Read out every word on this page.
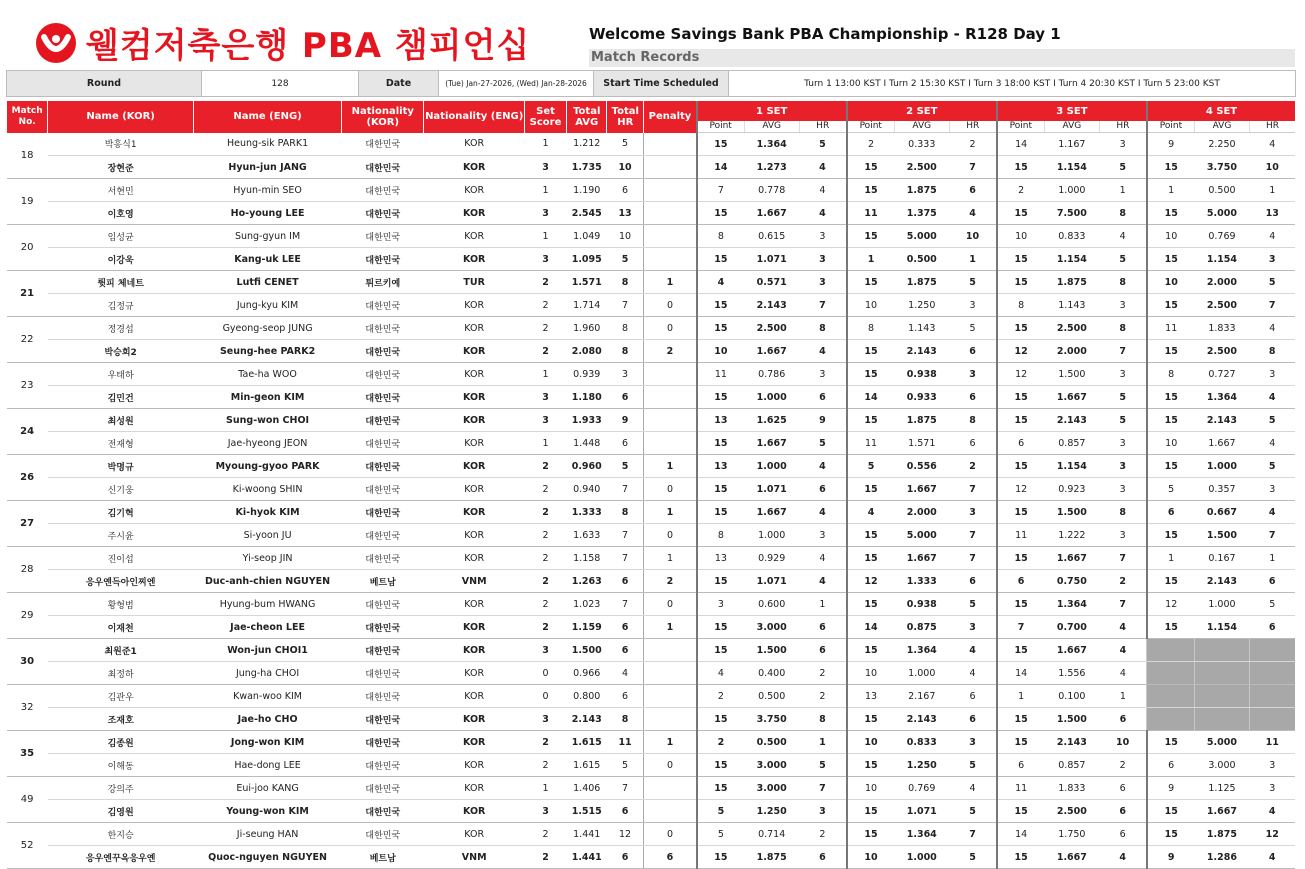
웰컴저축은행 PBA 챔피언십	Welcome Savings Bank PBA Championship - R128 Day 1
Match Records
Round	128	Date	(Tue) Jan-27-2026, (Wed) Jan-28-2026	Start Time Scheduled	Turn 1 13:00 KST I Turn 2 15:30 KST I Turn 3 18:00 KST I Turn 4 20:30 KST I Turn 5 23:00 KST
Match No.	Name (KOR)	Name (ENG)	Nationality (KOR)	Nationality (ENG)	Set Score	Total AVG	Total HR	Penalty	1 SET			2 SET			3 SET			4 SET		
									Point	AVG	HR	Point	AVG	HR	Point	AVG	HR	Point	AVG	HR
18	박흥식1	Heung-sik PARK1	대한민국	KOR	1	1.212	5		15	1.364	5	2	0.333	2	14	1.167	3	9	2.250	4
	장현준	Hyun-jun JANG	대한민국	KOR	3	1.735	10		14	1.273	4	15	2.500	7	15	1.154	5	15	3.750	10
19	서현민	Hyun-min SEO	대한민국	KOR	1	1.190	6		7	0.778	4	15	1.875	6	2	1.000	1	1	0.500	1
	이호영	Ho-young LEE	대한민국	KOR	3	2.545	13		15	1.667	4	11	1.375	4	15	7.500	8	15	5.000	13
20	임성균	Sung-gyun IM	대한민국	KOR	1	1.049	10		8	0.615	3	15	5.000	10	10	0.833	4	10	0.769	4
	이강욱	Kang-uk LEE	대한민국	KOR	3	1.095	5		15	1.071	3	1	0.500	1	15	1.154	5	15	1.154	3
21	륏피 체네트	Lutfi CENET	튀르키예	TUR	2	1.571	8	1	4	0.571	3	15	1.875	5	15	1.875	8	10	2.000	5
	김정규	Jung-kyu KIM	대한민국	KOR	2	1.714	7	0	15	2.143	7	10	1.250	3	8	1.143	3	15	2.500	7
22	정경섭	Gyeong-seop JUNG	대한민국	KOR	2	1.960	8	0	15	2.500	8	8	1.143	5	15	2.500	8	11	1.833	4
	박승희2	Seung-hee PARK2	대한민국	KOR	2	2.080	8	2	10	1.667	4	15	2.143	6	12	2.000	7	15	2.500	8
23	우태하	Tae-ha WOO	대한민국	KOR	1	0.939	3		11	0.786	3	15	0.938	3	12	1.500	3	8	0.727	3
	김민건	Min-geon KIM	대한민국	KOR	3	1.180	6		15	1.000	6	14	0.933	6	15	1.667	5	15	1.364	4
24	최성원	Sung-won CHOI	대한민국	KOR	3	1.933	9		13	1.625	9	15	1.875	8	15	2.143	5	15	2.143	5
	전재형	Jae-hyeong JEON	대한민국	KOR	1	1.448	6		15	1.667	5	11	1.571	6	6	0.857	3	10	1.667	4
26	박명규	Myoung-gyoo PARK	대한민국	KOR	2	0.960	5	1	13	1.000	4	5	0.556	2	15	1.154	3	15	1.000	5
	신기웅	Ki-woong SHIN	대한민국	KOR	2	0.940	7	0	15	1.071	6	15	1.667	7	12	0.923	3	5	0.357	3
27	김기혁	Ki-hyok KIM	대한민국	KOR	2	1.333	8	1	15	1.667	4	4	2.000	3	15	1.500	8	6	0.667	4
	주시윤	Si-yoon JU	대한민국	KOR	2	1.633	7	0	8	1.000	3	15	5.000	7	11	1.222	3	15	1.500	7
28	진이섭	Yi-seop JIN	대한민국	KOR	2	1.158	7	1	13	0.929	4	15	1.667	7	15	1.667	7	1	0.167	1
	응우옌득아인찌엔	Duc-anh-chien NGUYEN	베트남	VNM	2	1.263	6	2	15	1.071	4	12	1.333	6	6	0.750	2	15	2.143	6
29	황형범	Hyung-bum HWANG	대한민국	KOR	2	1.023	7	0	3	0.600	1	15	0.938	5	15	1.364	7	12	1.000	5
	이재천	Jae-cheon LEE	대한민국	KOR	2	1.159	6	1	15	3.000	6	14	0.875	3	7	0.700	4	15	1.154	6
30	최원준1	Won-jun CHOI1	대한민국	KOR	3	1.500	6		15	1.500	6	15	1.364	4	15	1.667	4			
	최정하	Jung-ha CHOI	대한민국	KOR	0	0.966	4		4	0.400	2	10	1.000	4	14	1.556	4			
32	김관우	Kwan-woo KIM	대한민국	KOR	0	0.800	6		2	0.500	2	13	2.167	6	1	0.100	1			
	조재호	Jae-ho CHO	대한민국	KOR	3	2.143	8		15	3.750	8	15	2.143	6	15	1.500	6			
35	김종원	Jong-won KIM	대한민국	KOR	2	1.615	11	1	2	0.500	1	10	0.833	3	15	2.143	10	15	5.000	11
	이해동	Hae-dong LEE	대한민국	KOR	2	1.615	5	0	15	3.000	5	15	1.250	5	6	0.857	2	6	3.000	3
49	강의주	Eui-joo KANG	대한민국	KOR	1	1.406	7		15	3.000	7	10	0.769	4	11	1.833	6	9	1.125	3
	김영원	Young-won KIM	대한민국	KOR	3	1.515	6		5	1.250	3	15	1.071	5	15	2.500	6	15	1.667	4
52	한지승	Ji-seung HAN	대한민국	KOR	2	1.441	12	0	5	0.714	2	15	1.364	7	14	1.750	6	15	1.875	12
	응우옌꾸옥응우옌	Quoc-nguyen NGUYEN	베트남	VNM	2	1.441	6	6	15	1.875	6	10	1.000	5	15	1.667	4	9	1.286	4
